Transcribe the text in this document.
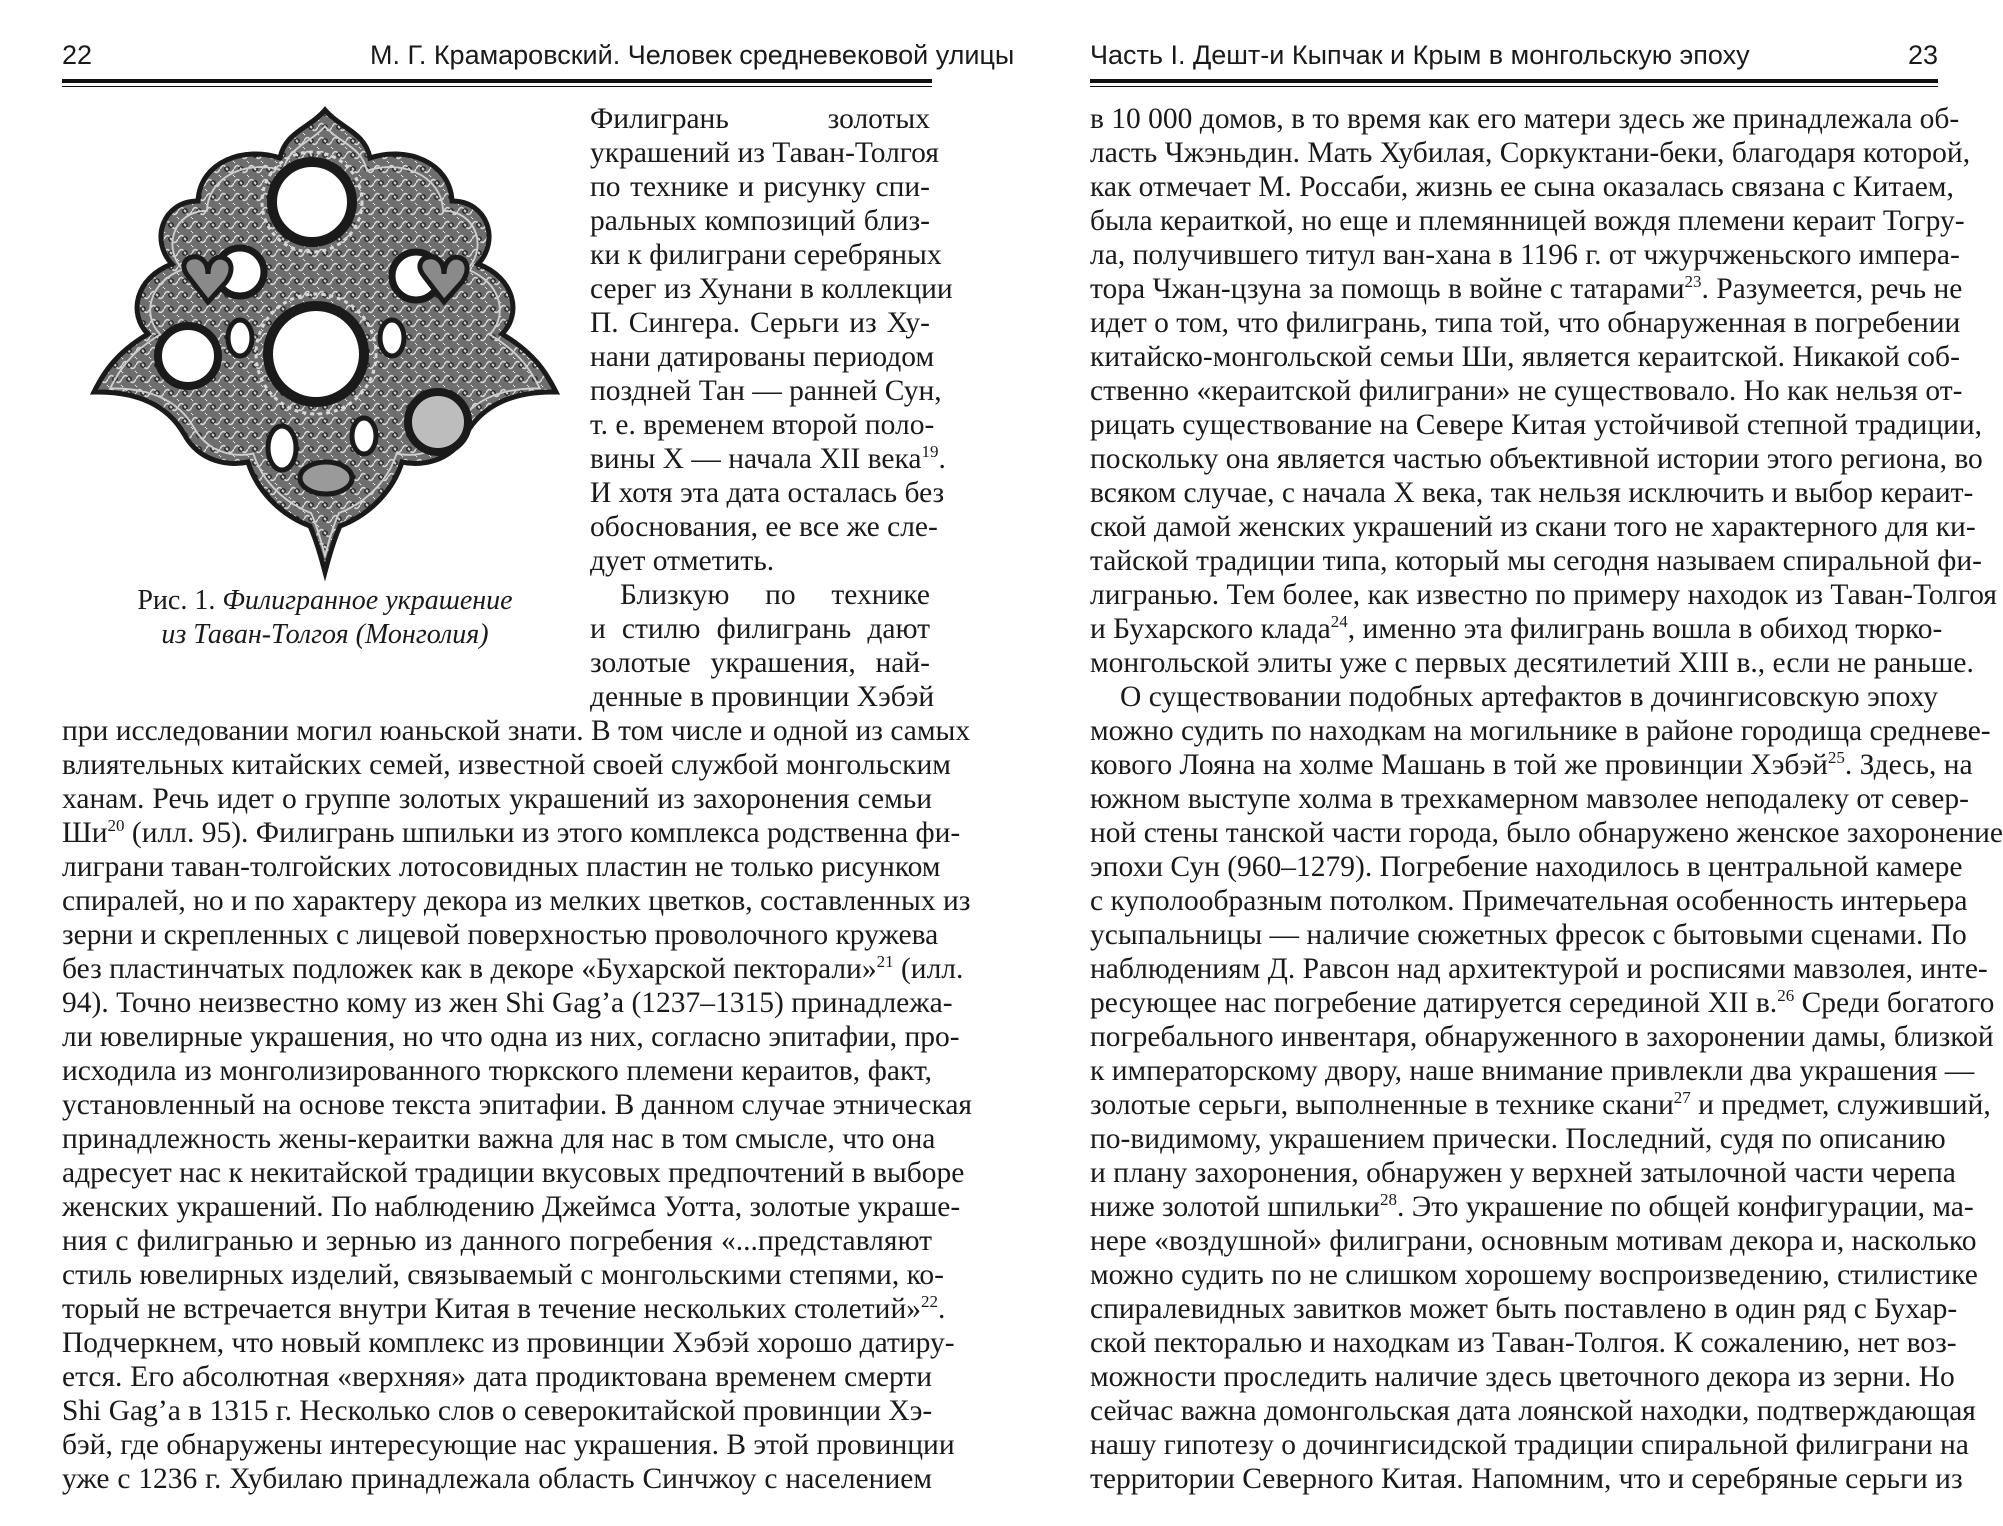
22	М. Г. Крамаровский. Человек средневековой улицы
Рис. 1. Филигранное украшение
из Таван-Толгоя (Монголия)
Филигрань золотых
украшений из Таван-Толгоя
по технике и рисунку спи-
ральных композиций близ-
ки к филиграни серебряных
серег из Хунани в коллекции
П. Сингера. Серьги из Ху-
нани датированы периодом
поздней Тан — ранней Сун,
т. е. временем второй поло-
вины X — начала XII века$^{19}$.
И хотя эта дата осталась без
обоснования, ее все же сле-
дует отметить.
Близкую по технике
и стилю филигрань дают
золотые украшения, най-
денные в провинции Хэбэй
при исследовании могил юаньской знати. В том числе и одной из самых
влиятельных китайских семей, известной своей службой монгольским
ханам. Речь идет о группе золотых украшений из захоронения семьи
$Ши^{20}$ (илл. 95). Филигрань шпильки из этого комплекса родственна фи-
лиграни таван-толгойских лотосовидных пластин не только рисунком
спиралей, но и по характеру декора из мелких цветков, составленных из
зерни и скрепленных с лицевой поверхностью проволочного кружева
без пластинчатых подложек как в декоре «Бухарской пекторали»$^{21}$ (илл.
94). Точно неизвестно кому из жен Shi Gag’a (1237–1315) принадлежа-
ли ювелирные украшения, но что одна из них, согласно эпитафии, про-
исходила из монголизированного тюркского племени кераитов, факт,
установленный на основе текста эпитафии. В данном случае этническая
принадлежность жены-кераитки важна для нас в том смысле, что она
адресует нас к некитайской традиции вкусовых предпочтений в выборе
женских украшений. По наблюдению Джеймса Уотта, золотые украше-
ния с филигранью и зернью из данного погребения «...представляют
стиль ювелирных изделий, связываемый с монгольскими степями, ко-
торый не встречается внутри Китая в течение нескольких столетий»$^{22}$.
Подчеркнем, что новый комплекс из провинции Хэбэй хорошо датиру-
ется. Его абсолютная «верхняя» дата продиктована временем смерти
Shi Gag’a в 1315 г. Несколько слов о северокитайской провинции Хэ-
бэй, где обнаружены интересующие нас украшения. В этой провинции
уже с 1236 г. Хубилаю принадлежала область Синчжоу с населением
Часть I. Дешт-и Кыпчак и Крым в монгольскую эпоху	23
в 10 000 домов, в то время как его матери здесь же принадлежала об-
ласть Чжэньдин. Мать Хубилая, Соркуктани-беки, благодаря которой,
как отмечает М. Россаби, жизнь ее сына оказалась связана с Китаем,
была кераиткой, но еще и племянницей вождя племени кераит Тогру-
ла, получившего титул ван-хана в 1196 г. от чжурчженьского импера-
тора Чжан-цзуна за помощь в войне с татарами$^{23}$. Разумеется, речь не
идет о том, что филигрань, типа той, что обнаруженная в погребении
китайско-монгольской семьи Ши, является кераитской. Никакой соб-
ственно «кераитской филиграни» не существовало. Но как нельзя от-
рицать существование на Севере Китая устойчивой степной традиции,
поскольку она является частью объективной истории этого региона, во
всяком случае, с начала X века, так нельзя исключить и выбор кераит-
ской дамой женских украшений из скани того не характерного для ки-
тайской традиции типа, который мы сегодня называем спиральной фи-
лигранью. Тем более, как известно по примеру находок из Таван-Толгоя
и Бухарского клада$^{24}$, именно эта филигрань вошла в обиход тюрко-
монгольской элиты уже с первых десятилетий XIII в., если не раньше.
О существовании подобных артефактов в дочингисовскую эпоху
можно судить по находкам на могильнике в районе городища средневе-
кового Лояна на холме Машань в той же провинции Хэбэй$^{25}$. Здесь, на
южном выступе холма в трехкамерном мавзолее неподалеку от север-
ной стены танской части города, было обнаружено женское захоронение
эпохи Сун (960–1279). Погребение находилось в центральной камере
с куполообразным потолком. Примечательная особенность интерьера
усыпальницы — наличие сюжетных фресок с бытовыми сценами. По
наблюдениям Д. Равсон над архитектурой и росписями мавзолея, инте-
ресующее нас погребение датируется серединой XII в.$^{26}$ Среди богатого
погребального инвентаря, обнаруженного в захоронении дамы, близкой
к императорскому двору, наше внимание привлекли два украшения —
золотые серьги, выполненные в технике скани$^{27}$ и предмет, служивший,
по-видимому, украшением прически. Последний, судя по описанию
и плану захоронения, обнаружен у верхней затылочной части черепа
ниже золотой шпильки$^{28}$. Это украшение по общей конфигурации, ма-
нере «воздушной» филиграни, основным мотивам декора и, насколько
можно судить по не слишком хорошему воспроизведению, стилистике
спиралевидных завитков может быть поставлено в один ряд с Бухар-
ской пекторалью и находкам из Таван-Толгоя. К сожалению, нет воз-
можности проследить наличие здесь цветочного декора из зерни. Но
сейчас важна домонгольская дата лоянской находки, подтверждающая
нашу гипотезу о дочингисидской традиции спиральной филиграни на
территории Северного Китая. Напомним, что и серебряные серьги из
